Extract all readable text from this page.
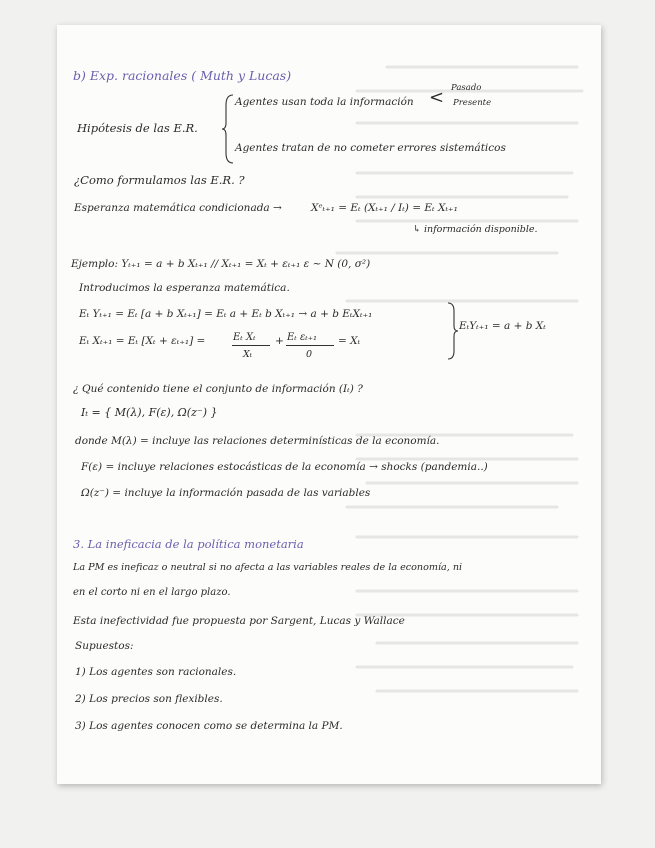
b) Exp. racionales ( Muth y Lucas)
Hipótesis de las E.R.
Agentes usan toda la información < Pasado
Presente
Agentes tratan de no cometer errores sistemáticos
¿Como formulamos las E.R. ?
Esperanza matemática condicionada →	Xᵉₜ₊₁ = Eₜ (Xₜ₊₁ / Iₜ) = Eₜ Xₜ₊₁
↳ información disponible.
Ejemplo: Yₜ₊₁ = a + b Xₜ₊₁ // Xₜ₊₁ = Xₜ + εₜ₊₁ ε ~ N (0, σ²)
Introducimos la esperanza matemática.
Eₜ Yₜ₊₁ = Eₜ [a + b Xₜ₊₁] = Eₜ a + Eₜ b Xₜ₊₁ → a + b EₜXₜ₊₁
Eₜ Xₜ₊₁ = Eₜ [Xₜ + εₜ₊₁] =	Eₜ Xₜ
Xₜ
+ Eₜ εₜ₊₁
0
= Xₜ
EₜYₜ₊₁ = a + b Xₜ
¿ Qué contenido tiene el conjunto de información (Iₜ) ?
Iₜ = { M(λ), F(ε), Ω(z⁻) }
donde M(λ) = incluye las relaciones determinísticas de la economía.
F(ε) = incluye relaciones estocásticas de la economía → shocks (pandemia..)
Ω(z⁻) = incluye la información pasada de las variables
3. La ineficacia de la política monetaria
La PM es ineficaz o neutral si no afecta a las variables reales de la economía, ni
en el corto ni en el largo plazo.
Esta inefectividad fue propuesta por Sargent, Lucas y Wallace
Supuestos:
1) Los agentes son racionales.
2) Los precios son flexibles.
3) Los agentes conocen como se determina la PM.
